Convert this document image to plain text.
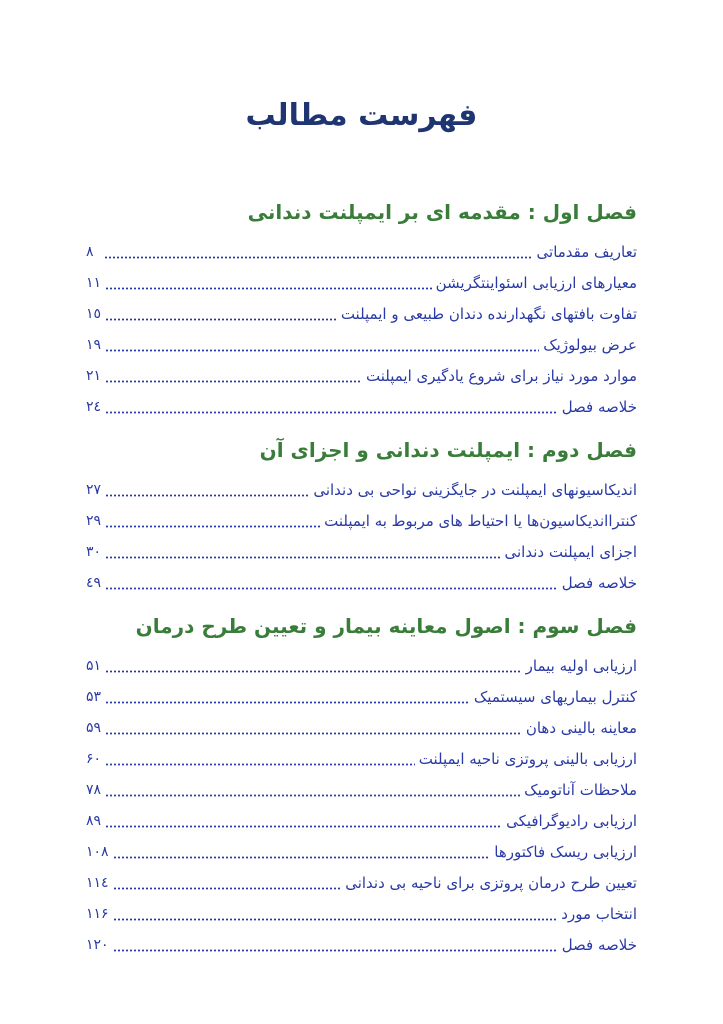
فهرست مطالب
فصل اول : مقدمه ای بر ایمپلنت دندانی
تعاریف مقدماتی
٨
معیارهای ارزیابی اسئواینتگریشن
١١
تفاوت بافتهای نگهدارنده دندان طبیعی و ایمپلنت
١٥
عرض بیولوژیک
١٩
موارد مورد نیاز برای شروع یادگیری ایمپلنت
٢١
خلاصه فصل
٢٤
فصل دوم : ایمپلنت دندانی و اجزای آن
اندیکاسیونهای ایمپلنت در جایگزینی نواحی بی دندانی
٢٧
کنترااندیکاسیون‌ها یا احتیاط های مربوط به ایمپلنت
٢٩
اجزای ایمپلنت دندانی
٣٠
خلاصه فصل
٤٩
فصل سوم : اصول معاینه بیمار و تعیین طرح درمان
ارزیابی اولیه بیمار
۵١
کنترل بیماریهای سیستمیک
۵٣
معاینه بالینی دهان
۵٩
ارزیابی بالینی پروتزی ناحیه ایمپلنت
۶٠
ملاحظات آناتومیک
٧٨
ارزیابی رادیوگرافیکی
٨٩
ارزیابی ریسک فاکتورها
١٠٨
تعیین طرح درمان پروتزی برای ناحیه بی دندانی
١١٤
انتخاب مورد
١١۶
خلاصه فصل
١٢٠
